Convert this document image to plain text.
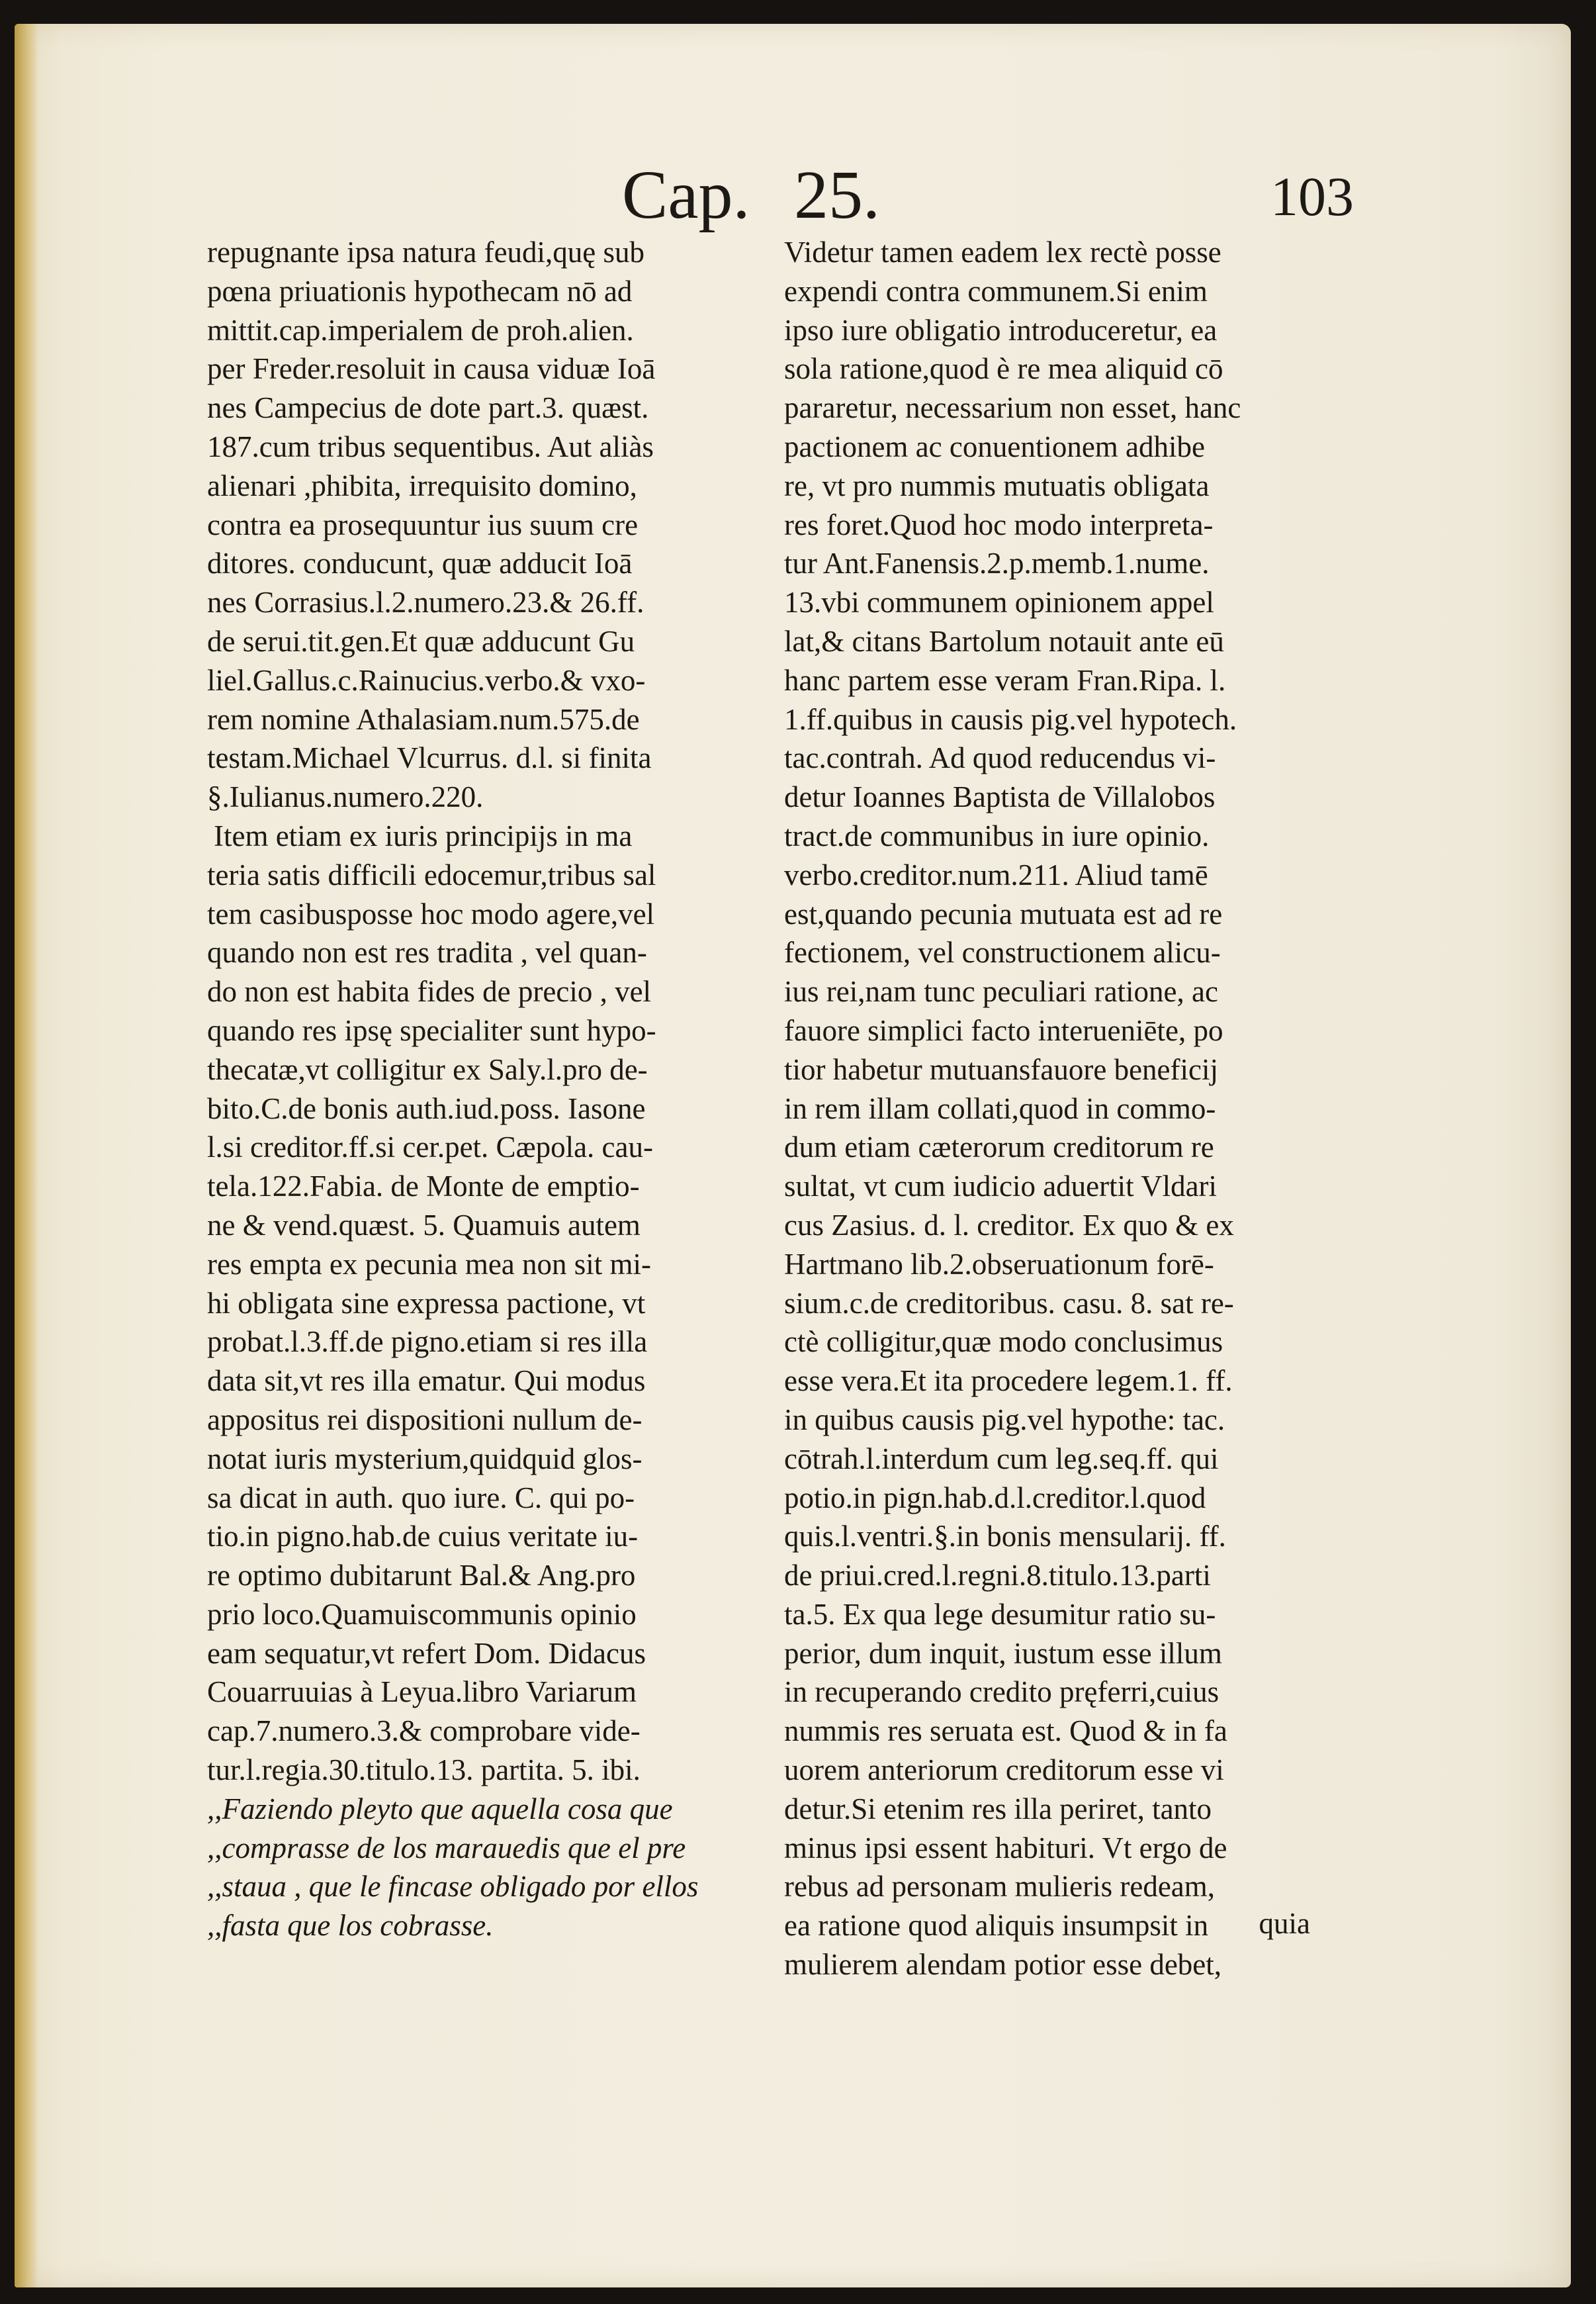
Cap. 25.	103
repugnante ipsa natura feudi,quę sub
pœna priuationis hypothecam nō ad
mittit.cap.imperialem de proh.alien.
per Freder.resoluit in causa viduæ Ioā
nes Campecius de dote part.3. quæst.
187.cum tribus sequentibus. Aut aliàs
alienari ,phibita, irrequisito domino,
contra ea prosequuntur ius suum cre
ditores. conducunt, quæ adducit Ioā
nes Corrasius.l.2.numero.23.& 26.ff.
de serui.tit.gen.Et quæ adducunt Gu
liel.Gallus.c.Rainucius.verbo.& vxo-
rem nomine Athalasiam.num.575.de
testam.Michael Vlcurrus. d.l. si finita
§.Iulianus.numero.220.
Item etiam ex iuris principijs in ma
teria satis difficili edocemur,tribus sal
tem casibusposse hoc modo agere,vel
quando non est res tradita , vel quan-
do non est habita fides de precio , vel
quando res ipsę specialiter sunt hypo-
thecatæ,vt colligitur ex Saly.l.pro de-
bito.C.de bonis auth.iud.poss. Iasone
l.si creditor.ff.si cer.pet. Cæpola. cau-
tela.122.Fabia. de Monte de emptio-
ne & vend.quæst. 5. Quamuis autem
res empta ex pecunia mea non sit mi-
hi obligata sine expressa pactione, vt
probat.l.3.ff.de pigno.etiam si res illa
data sit,vt res illa ematur. Qui modus
appositus rei dispositioni nullum de-
notat iuris mysterium,quidquid glos-
sa dicat in auth. quo iure. C. qui po-
tio.in pigno.hab.de cuius veritate iu-
re optimo dubitarunt Bal.& Ang.pro
prio loco.Quamuiscommunis opinio
eam sequatur,vt refert Dom. Didacus
Couarruuias à Leyua.libro Variarum
cap.7.numero.3.& comprobare vide-
tur.l.regia.30.titulo.13. partita. 5. ibi.
,,Faziendo pleyto que aquella cosa que
,,comprasse de los marauedis que el pre
,,staua , que le fincase obligado por ellos
,,fasta que los cobrasse.
Videtur tamen eadem lex rectè posse
expendi contra communem.Si enim
ipso iure obligatio introduceretur, ea
sola ratione,quod è re mea aliquid cō
pararetur, necessarium non esset, hanc
pactionem ac conuentionem adhibe
re, vt pro nummis mutuatis obligata
res foret.Quod hoc modo interpreta-
tur Ant.Fanensis.2.p.memb.1.nume.
13.vbi communem opinionem appel
lat,& citans Bartolum notauit ante eū
hanc partem esse veram Fran.Ripa. l.
1.ff.quibus in causis pig.vel hypotech.
tac.contrah. Ad quod reducendus vi-
detur Ioannes Baptista de Villalobos
tract.de communibus in iure opinio.
verbo.creditor.num.211. Aliud tamē
est,quando pecunia mutuata est ad re
fectionem, vel constructionem alicu-
ius rei,nam tunc peculiari ratione, ac
fauore simplici facto interueniēte, po
tior habetur mutuansfauore beneficij
in rem illam collati,quod in commo-
dum etiam cæterorum creditorum re
sultat, vt cum iudicio aduertit Vldari
cus Zasius. d. l. creditor. Ex quo & ex
Hartmano lib.2.obseruationum forē-
sium.c.de creditoribus. casu. 8. sat re-
ctè colligitur,quæ modo conclusimus
esse vera.Et ita procedere legem.1. ff.
in quibus causis pig.vel hypothe: tac.
cōtrah.l.interdum cum leg.seq.ff. qui
potio.in pign.hab.d.l.creditor.l.quod
quis.l.ventri.§.in bonis mensularij. ff.
de priui.cred.l.regni.8.titulo.13.parti
ta.5. Ex qua lege desumitur ratio su-
perior, dum inquit, iustum esse illum
in recuperando credito pręferri,cuius
nummis res seruata est. Quod & in fa
uorem anteriorum creditorum esse vi
detur.Si etenim res illa periret, tanto
minus ipsi essent habituri. Vt ergo de
rebus ad personam mulieris redeam,
ea ratione quod aliquis insumpsit in
mulierem alendam potior esse debet,
quia
